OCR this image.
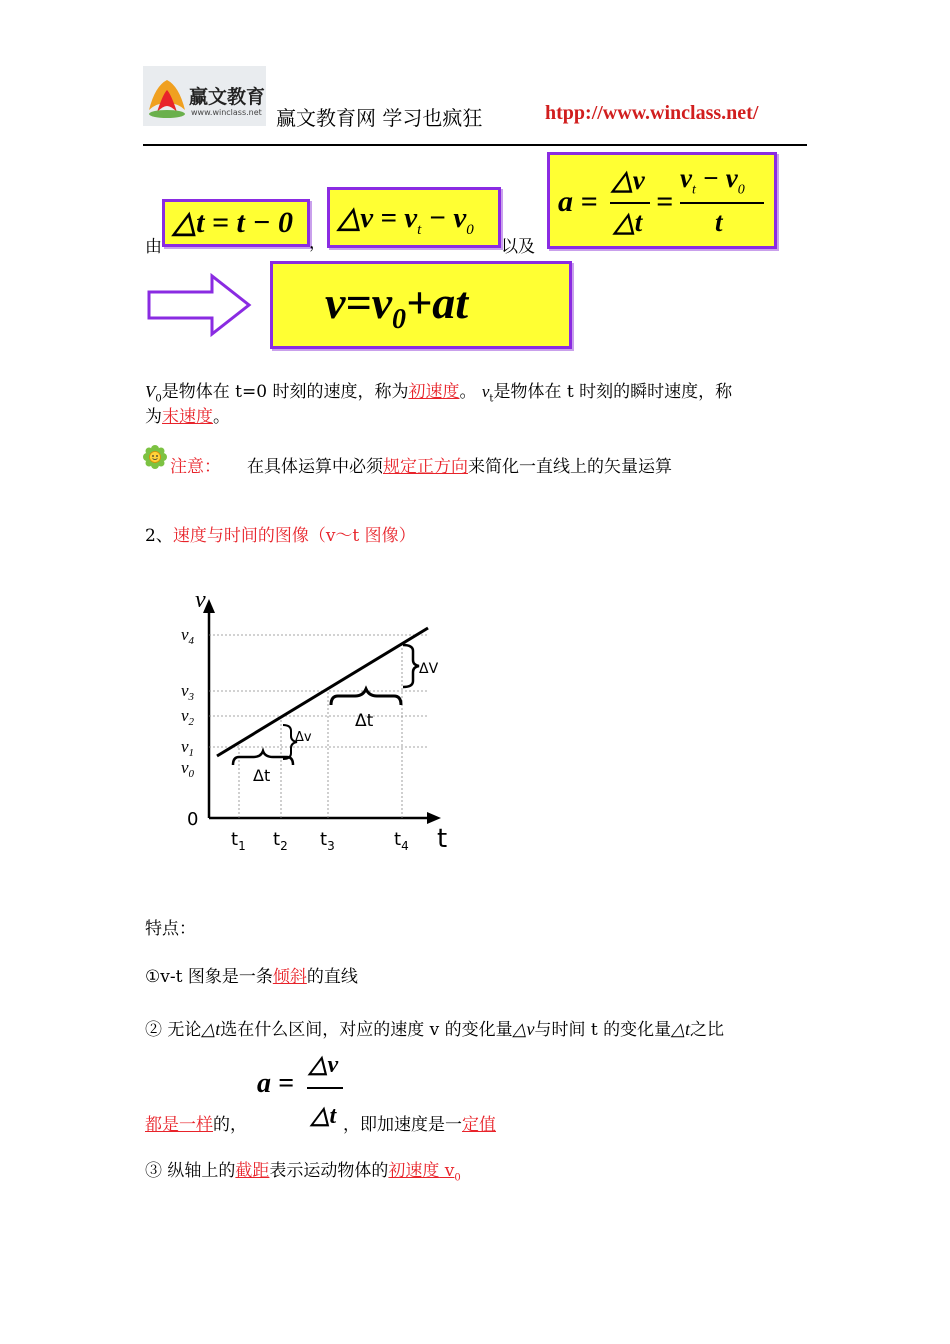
赢文教育
www.winclass.net 赢文教育网 学习也疯狂	htpp://www.winclass.net/
由
△t = t − 0
，
△v = $v_t - v_0$
以及
a =
△v
△t
=
$v_t - v_0$
t
$v=v_0+at$
$V_0$是物体在 t=0 时刻的速度，称为初速度。 $v_t$是物体在 t 时刻的瞬时速度，称
为末速度。
注意： 在具体运算中必须规定正方向来简化一直线上的矢量运算
2、速度与时间的图像（v～t 图像）
v
t
0
$v_4$
$v_3$
$v_2$
$v_1$
$v_0$
$t_1$ $t_2$ $t_3$	$t_4$
Δt
Δv
Δt
ΔV
特点：
①v-t 图象是一条倾斜的直线
② 无论△t选在什么区间，对应的速度 v 的变化量△v与时间 t 的变化量△t之比
a =
△v
△t
都是一样的，	，即加速度是一定值
③ 纵轴上的截距表示运动物体的初速度 $v_0$
